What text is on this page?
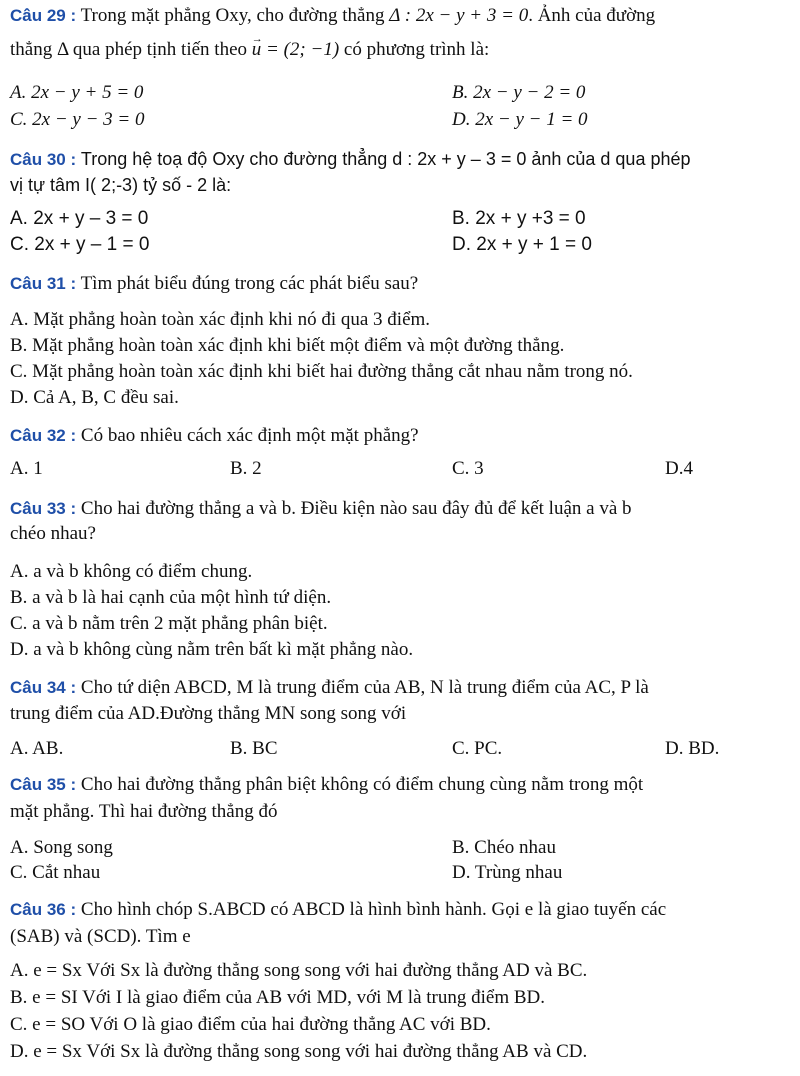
Câu 29 : Trong mặt phẳng Oxy, cho đường thẳng Δ : 2x − y + 3 = 0. Ảnh của đường
thẳng Δ qua phép tịnh tiến theo → u = (2; −1) có phương trình là:
A. 2x − y + 5 = 0	B. 2x − y − 2 = 0
C. 2x − y − 3 = 0	D. 2x − y − 1 = 0
Câu 30 : Trong hệ toạ độ Oxy cho đường thẳng d : 2x + y – 3 = 0 ảnh của d qua phép
vị tự tâm I( 2;-3) tỷ số - 2 là:
A. 2x + y – 3 = 0	B. 2x + y +3 = 0
C. 2x + y – 1 = 0	D. 2x + y + 1 = 0
Câu 31 : Tìm phát biểu đúng trong các phát biểu sau?
A. Mặt phẳng hoàn toàn xác định khi nó đi qua 3 điểm.
B. Mặt phẳng hoàn toàn xác định khi biết một điểm và một đường thẳng.
C. Mặt phẳng hoàn toàn xác định khi biết hai đường thẳng cắt nhau nằm trong nó.
D. Cả A, B, C đều sai.
Câu 32 : Có bao nhiêu cách xác định một mặt phẳng?
A. 1	B. 2	C. 3	D.4
Câu 33 : Cho hai đường thẳng a và b. Điều kiện nào sau đây đủ để kết luận a và b
chéo nhau?
A. a và b không có điểm chung.
B. a và b là hai cạnh của một hình tứ diện.
C. a và b nằm trên 2 mặt phẳng phân biệt.
D. a và b không cùng nằm trên bất kì mặt phẳng nào.
Câu 34 : Cho tứ diện ABCD, M là trung điểm của AB, N là trung điểm của AC, P là
trung điểm của AD.Đường thẳng MN song song với
A. AB.	B. BC	C. PC.	D. BD.
Câu 35 : Cho hai đường thẳng phân biệt không có điểm chung cùng nằm trong một
mặt phẳng. Thì hai đường thẳng đó
A. Song song	B. Chéo nhau
C. Cắt nhau	D. Trùng nhau
Câu 36 : Cho hình chóp S.ABCD có ABCD là hình bình hành. Gọi e là giao tuyến các
(SAB) và (SCD). Tìm e
A. e = Sx Với Sx là đường thẳng song song với hai đường thẳng AD và BC.
B. e = SI Với I là giao điểm của AB với MD, với M là trung điểm BD.
C. e = SO Với O là giao điểm của hai đường thẳng AC với BD.
D. e = Sx Với Sx là đường thẳng song song với hai đường thẳng AB và CD.
